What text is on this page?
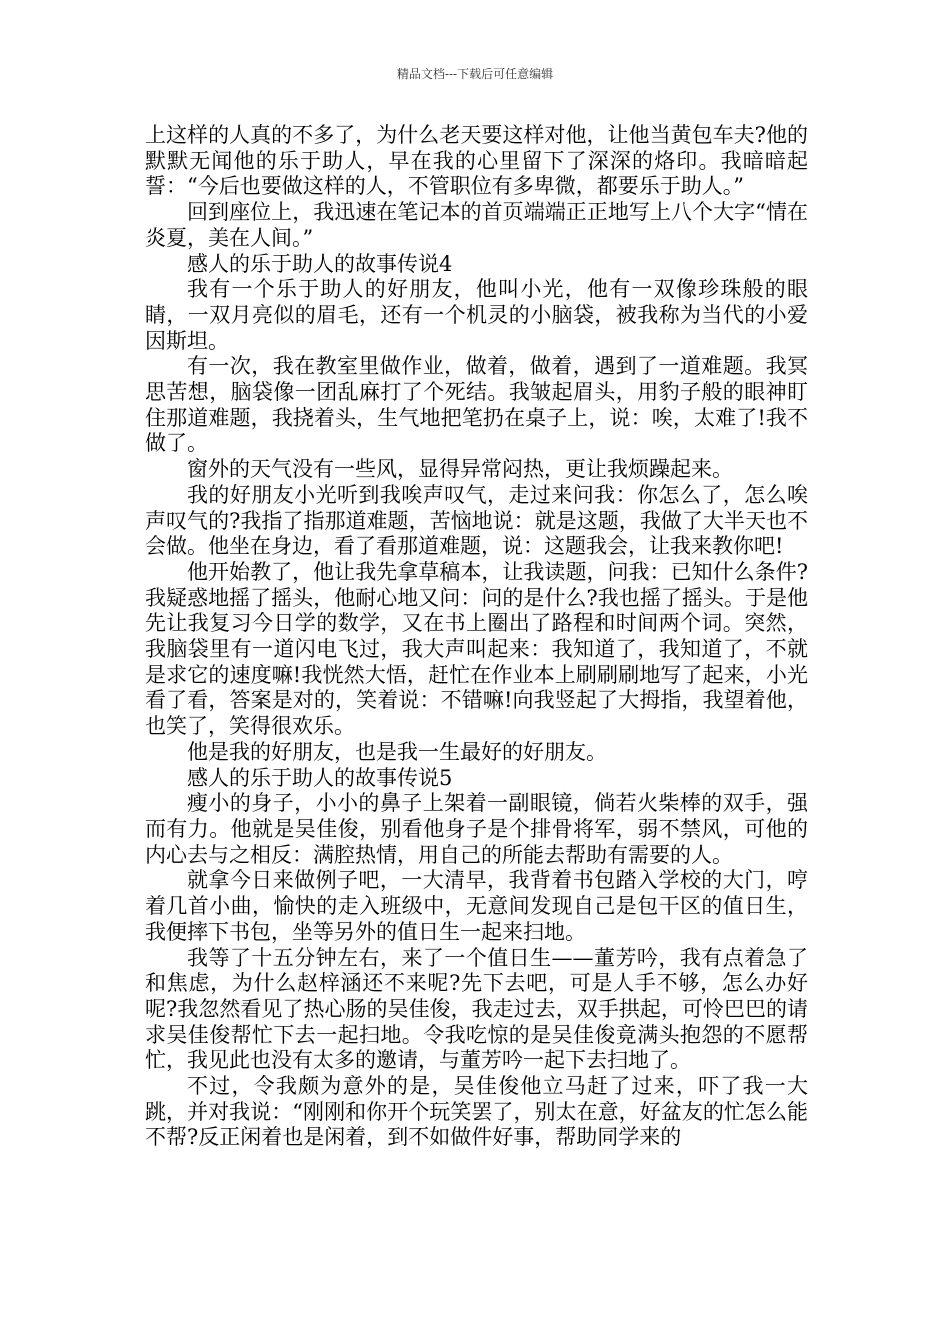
精品文档---下载后可任意编辑

上这样的人真的不多了，为什么老天要这样对他，让他当黄包车夫?他的默默无闻他的乐于助人，早在我的心里留下了深深的烙印。我暗暗起誓：“今后也要做这样的人，不管职位有多卑微，都要乐于助人。”

回到座位上，我迅速在笔记本的首页端端正正地写上八个大字“情在炎夏，美在人间。”

感人的乐于助人的故事传说4

我有一个乐于助人的好朋友，他叫小光，他有一双像珍珠般的眼睛，一双月亮似的眉毛，还有一个机灵的小脑袋，被我称为当代的小爱因斯坦。

有一次，我在教室里做作业，做着，做着，遇到了一道难题。我冥思苦想，脑袋像一团乱麻打了个死结。我皱起眉头，用豹子般的眼神盯住那道难题，我挠着头，生气地把笔扔在桌子上，说：唉，太难了!我不做了。

窗外的天气没有一些风，显得异常闷热，更让我烦躁起来。

我的好朋友小光听到我唉声叹气，走过来问我：你怎么了，怎么唉声叹气的?我指了指那道难题，苦恼地说：就是这题，我做了大半天也不会做。他坐在身边，看了看那道难题，说：这题我会，让我来教你吧!

他开始教了，他让我先拿草稿本，让我读题，问我：已知什么条件?我疑惑地摇了摇头，他耐心地又问：问的是什么?我也摇了摇头。于是他先让我复习今日学的数学，又在书上圈出了路程和时间两个词。突然，我脑袋里有一道闪电飞过，我大声叫起来：我知道了，我知道了，不就是求它的速度嘛!我恍然大悟，赶忙在作业本上刷刷刷地写了起来，小光看了看，答案是对的，笑着说：不错嘛!向我竖起了大拇指，我望着他，也笑了，笑得很欢乐。

他是我的好朋友，也是我一生最好的好朋友。

感人的乐于助人的故事传说5

瘦小的身子，小小的鼻子上架着一副眼镜，倘若火柴棒的双手，强而有力。他就是吴佳俊，别看他身子是个排骨将军，弱不禁风，可他的内心去与之相反：满腔热情，用自己的所能去帮助有需要的人。

就拿今日来做例子吧，一大清早，我背着书包踏入学校的大门，哼着几首小曲，愉快的走入班级中，无意间发现自己是包干区的值日生，我便摔下书包，坐等另外的值日生一起来扫地。

我等了十五分钟左右，来了一个值日生——董芳吟，我有点着急了和焦虑，为什么赵梓涵还不来呢?先下去吧，可是人手不够，怎么办好呢?我忽然看见了热心肠的吴佳俊，我走过去，双手拱起，可怜巴巴的请求吴佳俊帮忙下去一起扫地。令我吃惊的是吴佳俊竟满头抱怨的不愿帮忙，我见此也没有太多的邀请，与董芳吟一起下去扫地了。

不过，令我颇为意外的是，吴佳俊他立马赶了过来，吓了我一大跳，并对我说：“刚刚和你开个玩笑罢了，别太在意，好盆友的忙怎么能不帮?反正闲着也是闲着，到不如做件好事，帮助同学来的
